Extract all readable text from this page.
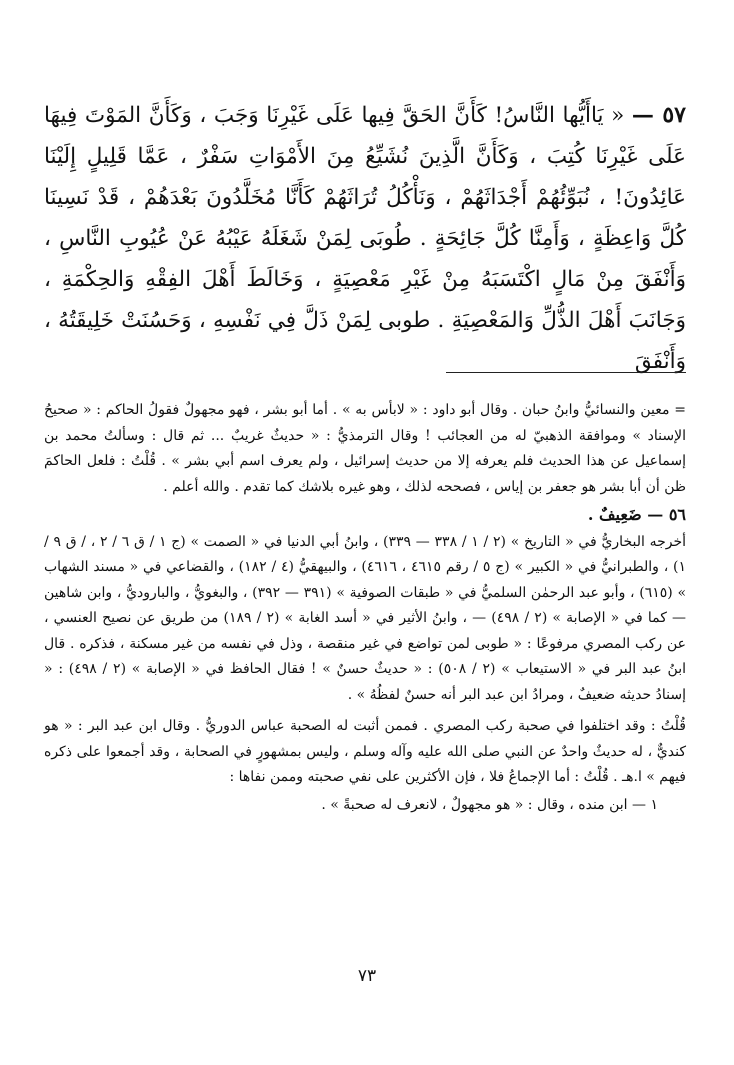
٥٧ — « يَاأَيُّها النَّاسُ! كَأَنَّ الحَقَّ فِيها عَلَى غَيْرِنَا وَجَبَ ، وَكَأَنَّ المَوْتَ فِيهَا عَلَى غَيْرِنَا كُتِبَ ، وَكَأَنَّ الَّذِينَ نُشَيِّعُ مِنَ الأَمْوَاتِ سَفْرٌ ، عَمَّا قَلِيلٍ إِلَيْنَا عَائِدُونَ! ، نُبَوِّئُهُمْ أَجْدَاثَهُمْ ، وَنَأْكُلُ تُرَاثَهُمْ كَأَنَّا مُخَلَّدُونَ بَعْدَهُمْ ، قَدْ نَسِينَا كُلَّ وَاعِظَةٍ ، وَأَمِنَّا كُلَّ جَائِحَةٍ . طُوبَى لِمَنْ شَغَلَهُ عَيْبُهُ عَنْ عُيُوبِ النَّاسِ ، وَأَنْفَقَ مِنْ مَالٍ اكْتَسَبَهُ مِنْ غَيْرِ مَعْصِيَةٍ ، وَخَالَطَ أَهْلَ الفِقْهِ وَالحِكْمَةِ ، وَجَانَبَ أَهْلَ الذُّلِّ وَالمَعْصِيَةِ . طوبى لِمَنْ ذَلَّ فِي نَفْسِهِ ، وَحَسُنَتْ خَلِيقَتُهُ ، وَأَنْفَقَ

= معين والنسائيُّ وابنُ حبان . وقال أبو داود : « لابأس به » . أما أبو بشر ، فهو مجهولٌ فقولُ الحاكم : « صحيحُ الإسناد » وموافقة الذهبيّ له من العجائب ! وقال الترمذيُّ : « حديثٌ غريبٌ ... ثم قال : وسألتُ محمد بن إسماعيل عن هذا الحديث فلم يعرفه إلا من حديث إسرائيل ، ولم يعرف اسم أبي بشر » . قُلْتُ : فلعل الحاكمَ ظن أن أبا بشر هو جعفر بن إياس ، فصححه لذلك ، وهو غيره بلاشك كما تقدم . والله أعلم .

٥٦ — ضَعِيفٌ .

أخرجه البخاريُّ في « التاريخ » (٢ / ١ / ٣٣٨ — ٣٣٩) ، وابنُ أبي الدنيا في « الصمت » (ج ١ / ق ٦ / ٢ ، / ق ٩ / ١) ، والطبرانيُّ في « الكبير » (ج ٥ / رقم ٤٦١٥ ، ٤٦١٦) ، والبيهقيُّ (٤ / ١٨٢) ، والقضاعي في « مسند الشهاب » (٦١٥) ، وأبو عبد الرحمٰن السلميُّ في « طبقات الصوفية » (٣٩١ — ٣٩٢) ، والبغويُّ ، والباروديُّ ، وابن شاهين — كما في « الإصابة » (٢ / ٤٩٨) — ، وابنُ الأثير في « أسد الغابة » (٢ / ١٨٩) من طريق عن نصيح العنسي ، عن ركب المصري مرفوعًا : « طوبى لمن تواضع في غير منقصة ، وذل في نفسه من غير مسكنة ، فذكره . قال ابنُ عبد البر في « الاستيعاب » (٢ / ٥٠٨) : « حديثٌ حسنٌ » ! فقال الحافظ في « الإصابة » (٢ / ٤٩٨) : « إسنادُ حديثه ضعيفٌ ، ومرادُ ابن عبد البر أنه حسنٌ لفظُهُ » .

قُلْتُ : وقد اختلفوا في صحبة ركب المصري . فممن أثبت له الصحبة عباس الدوريُّ . وقال ابن عبد البر : « هو كنديٌّ ، له حديثٌ واحدٌ عن النبي صلى الله عليه وآله وسلم ، وليس بمشهورٍ في الصحابة ، وقد أجمعوا على ذكره فيهم » ا.هـ . قُلْتُ : أما الإجماعُ فلا ، فإن الأكثرين على نفي صحبته وممن نفاها :

١ — ابن منده ، وقال : « هو مجهولٌ ، لانعرف له صحبةً » .

٧٣
